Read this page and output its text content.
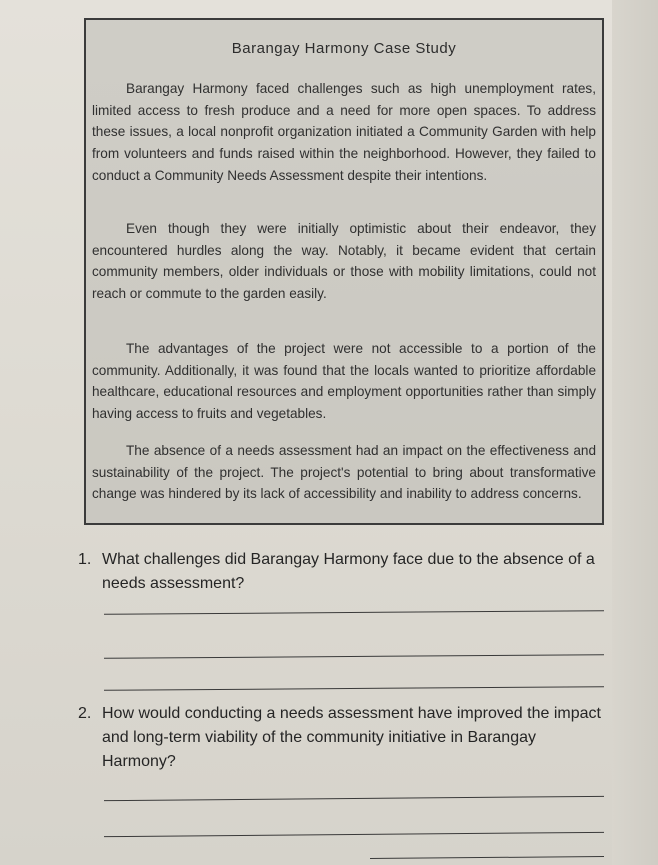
Barangay Harmony Case Study
Barangay Harmony faced challenges such as high unemployment rates, limited access to fresh produce and a need for more open spaces. To address these issues, a local nonprofit organization initiated a Community Garden with help from volunteers and funds raised within the neighborhood. However, they failed to conduct a Community Needs Assessment despite their intentions.
Even though they were initially optimistic about their endeavor, they encountered hurdles along the way. Notably, it became evident that certain community members, older individuals or those with mobility limitations, could not reach or commute to the garden easily.
The advantages of the project were not accessible to a portion of the community. Additionally, it was found that the locals wanted to prioritize affordable healthcare, educational resources and employment opportunities rather than simply having access to fruits and vegetables.
The absence of a needs assessment had an impact on the effectiveness and sustainability of the project. The project's potential to bring about transformative change was hindered by its lack of accessibility and inability to address concerns.
1. What challenges did Barangay Harmony face due to the absence of a needs assessment?
2. How would conducting a needs assessment have improved the impact and long-term viability of the community initiative in Barangay Harmony?
